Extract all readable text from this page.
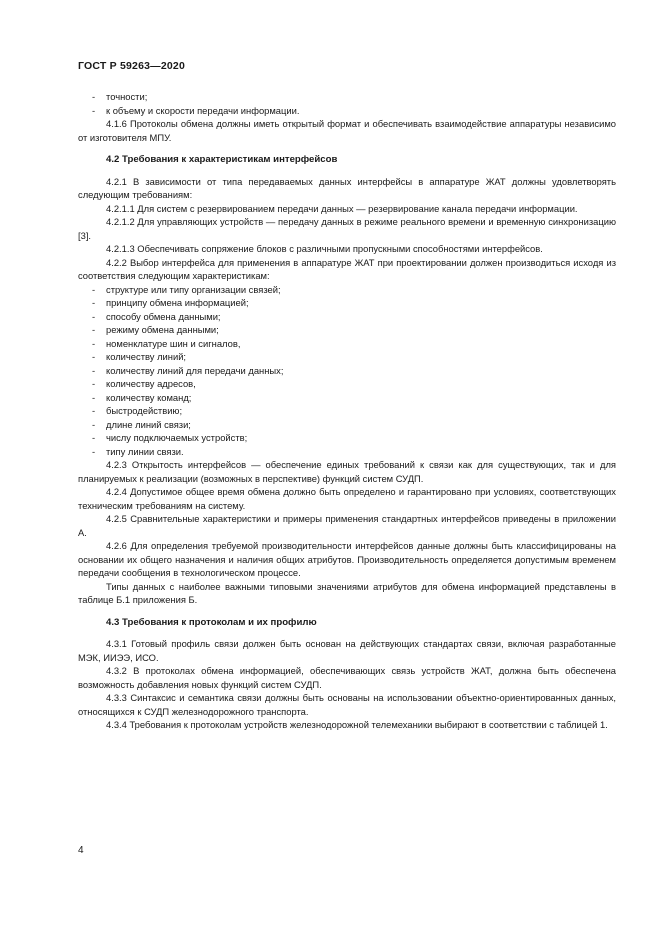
ГОСТ Р 59263—2020

- точности;

- к объему и скорости передачи информации.

4.1.6 Протоколы обмена должны иметь открытый формат и обеспечивать взаимодействие аппаратуры независимо от изготовителя МПУ.

4.2 Требования к характеристикам интерфейсов

4.2.1 В зависимости от типа передаваемых данных интерфейсы в аппаратуре ЖАТ должны удовлетворять следующим требованиям:

4.2.1.1 Для систем с резервированием передачи данных — резервирование канала передачи информации.

4.2.1.2 Для управляющих устройств — передачу данных в режиме реального времени и временную синхронизацию [3].

4.2.1.3 Обеспечивать сопряжение блоков с различными пропускными способностями интерфейсов.

4.2.2 Выбор интерфейса для применения в аппаратуре ЖАТ при проектировании должен производиться исходя из соответствия следующим характеристикам:

- структуре или типу организации связей;

- принципу обмена информацией;

- способу обмена данными;

- режиму обмена данными;

- номенклатуре шин и сигналов,

- количеству линий;

- количеству линий для передачи данных;

- количеству адресов,

- количеству команд;

- быстродействию;

- длине линий связи;

- числу подключаемых устройств;

- типу линии связи.

4.2.3 Открытость интерфейсов — обеспечение единых требований к связи как для существующих, так и для планируемых к реализации (возможных в перспективе) функций систем СУДП.

4.2.4 Допустимое общее время обмена должно быть определено и гарантировано при условиях, соответствующих техническим требованиям на систему.

4.2.5 Сравнительные характеристики и примеры применения стандартных интерфейсов приведены в приложении А.

4.2.6 Для определения требуемой производительности интерфейсов данные должны быть классифицированы на основании их общего назначения и наличия общих атрибутов. Производительность определяется допустимым временем передачи сообщения в технологическом процессе.

Типы данных с наиболее важными типовыми значениями атрибутов для обмена информацией представлены в таблице Б.1 приложения Б.

4.3 Требования к протоколам и их профилю

4.3.1 Готовый профиль связи должен быть основан на действующих стандартах связи, включая разработанные МЭК, ИИЭЭ, ИСО.

4.3.2 В протоколах обмена информацией, обеспечивающих связь устройств ЖАТ, должна быть обеспечена возможность добавления новых функций систем СУДП.

4.3.3 Синтаксис и семантика связи должны быть основаны на использовании объектно-ориентированных данных, относящихся к СУДП железнодорожного транспорта.

4.3.4 Требования к протоколам устройств железнодорожной телемеханики выбирают в соответствии с таблицей 1.

4
